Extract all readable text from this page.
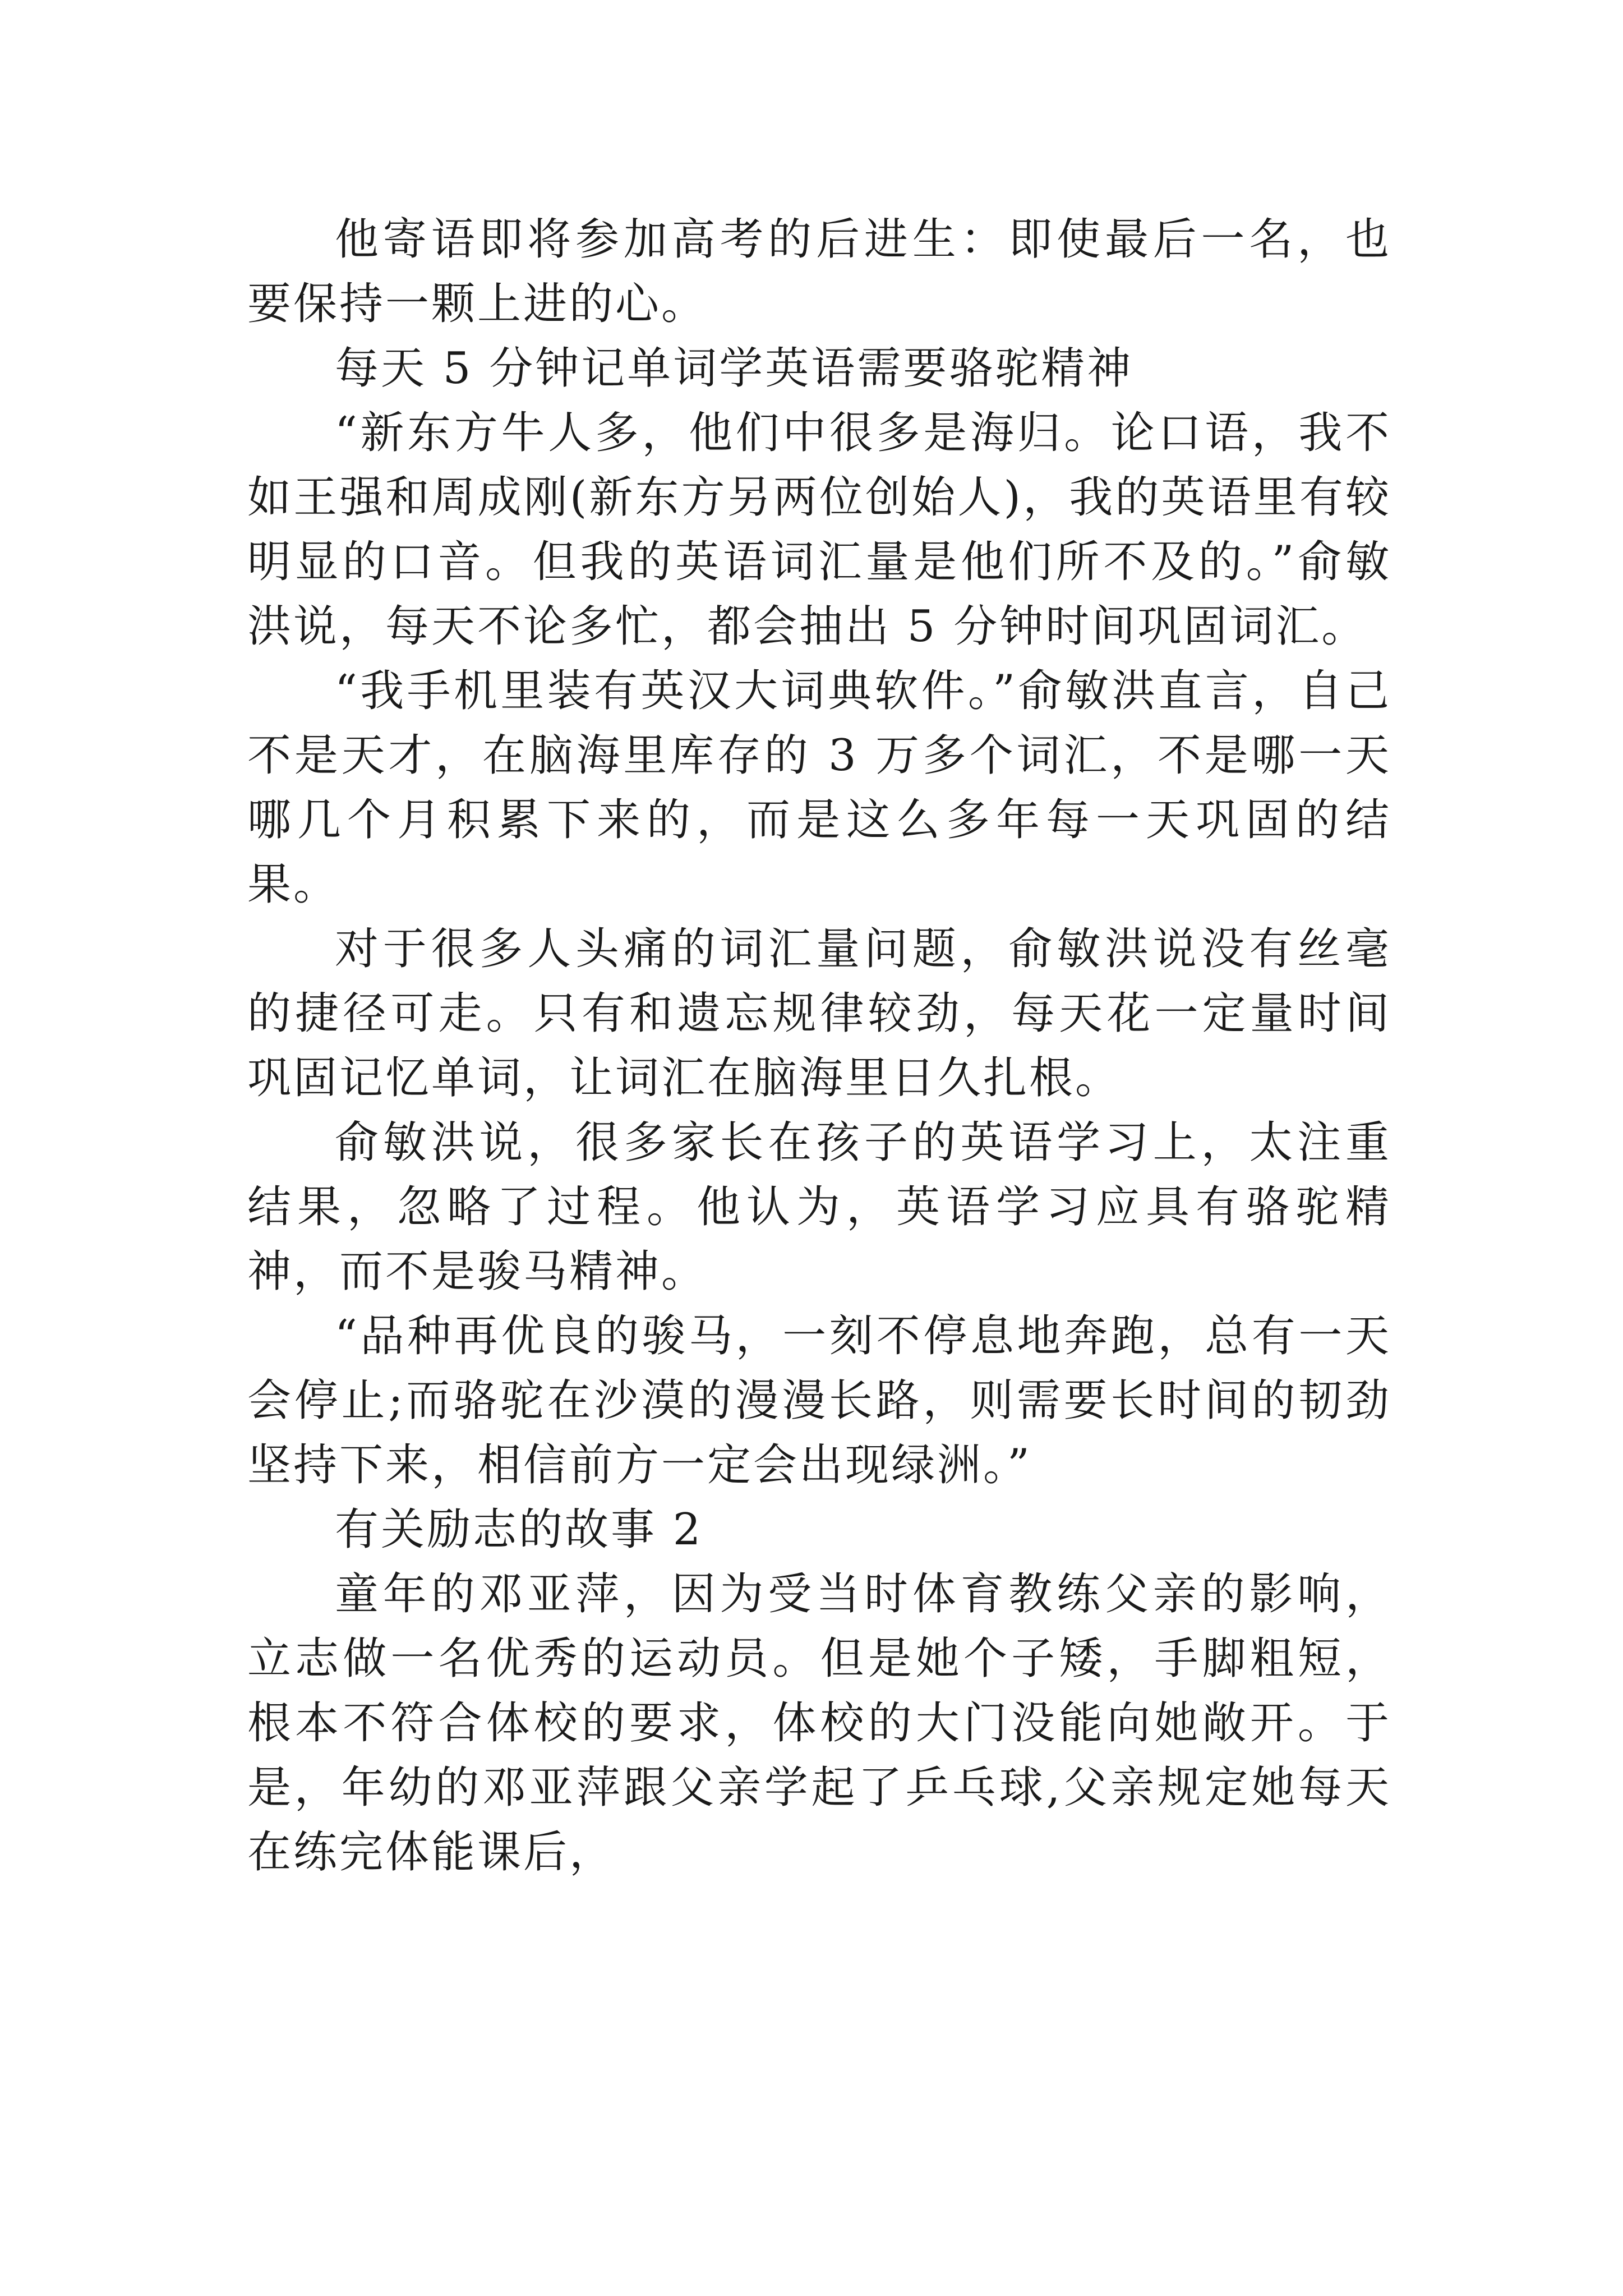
他寄语即将参加高考的后进生：即使最后一名，也要保持一颗上进的心。

每天 5 分钟记单词学英语需要骆驼精神

“新东方牛人多，他们中很多是海归。论口语，我不如王强和周成刚(新东方另两位创始人)，我的英语里有较明显的口音。但我的英语词汇量是他们所不及的。”俞敏洪说，每天不论多忙，都会抽出 5 分钟时间巩固词汇。

“我手机里装有英汉大词典软件。”俞敏洪直言，自己不是天才，在脑海里库存的 3 万多个词汇，不是哪一天哪几个月积累下来的，而是这么多年每一天巩固的结果。

对于很多人头痛的词汇量问题，俞敏洪说没有丝毫的捷径可走。只有和遗忘规律较劲，每天花一定量时间巩固记忆单词，让词汇在脑海里日久扎根。

俞敏洪说，很多家长在孩子的英语学习上，太注重结果，忽略了过程。他认为，英语学习应具有骆驼精神，而不是骏马精神。

“品种再优良的骏马，一刻不停息地奔跑，总有一天会停止;而骆驼在沙漠的漫漫长路，则需要长时间的韧劲坚持下来，相信前方一定会出现绿洲。”

有关励志的故事 2

童年的邓亚萍，因为受当时体育教练父亲的影响，立志做一名优秀的运动员。但是她个子矮，手脚粗短，根本不符合体校的要求，体校的大门没能向她敞开。于是，年幼的邓亚萍跟父亲学起了乒乓球,父亲规定她每天在练完体能课后，
